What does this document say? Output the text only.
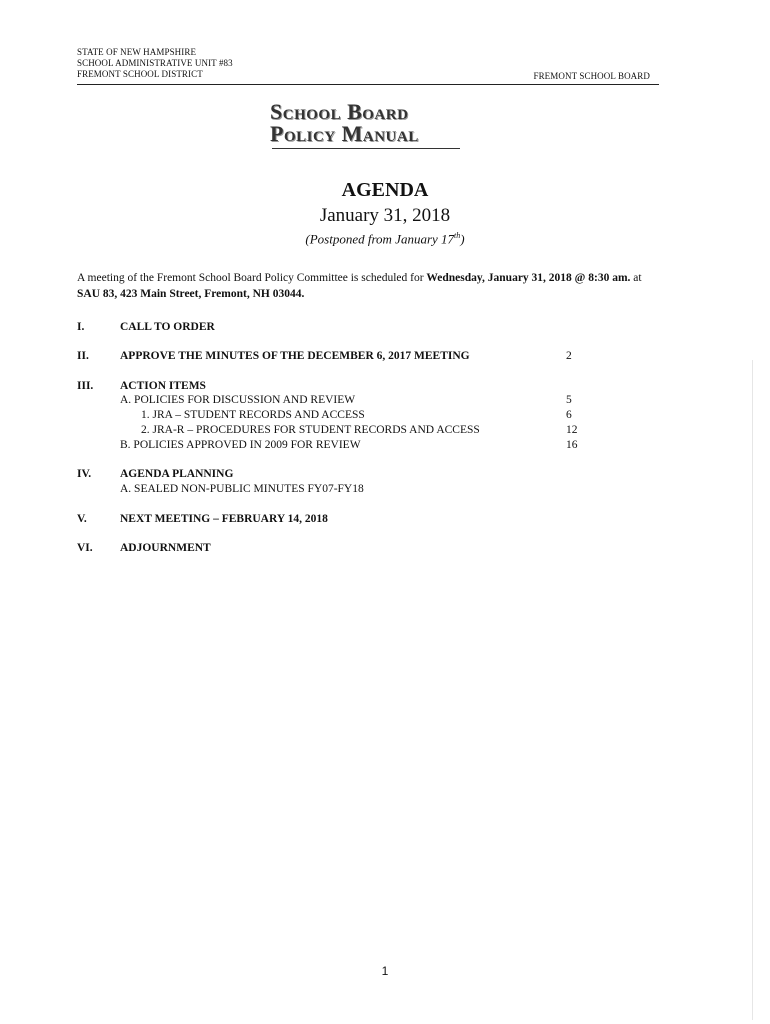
STATE OF NEW HAMPSHIRE
SCHOOL ADMINISTRATIVE UNIT #83
FREMONT SCHOOL DISTRICT	FREMONT SCHOOL BOARD
School Board
Policy Manual
AGENDA
January 31, 2018
(Postponed from January 17th)
A meeting of the Fremont School Board Policy Committee is scheduled for Wednesday, January 31, 2018 @ 8:30 am. at
SAU 83, 423 Main Street, Fremont, NH 03044.
I.	CALL TO ORDER
II.	APPROVE THE MINUTES OF THE DECEMBER 6, 2017 MEETING	2
III. ACTION ITEMS
A. POLICIES FOR DISCUSSION AND REVIEW	5
1. JRA – STUDENT RECORDS AND ACCESS	6
2. JRA-R – PROCEDURES FOR STUDENT RECORDS AND ACCESS	12
B. POLICIES APPROVED IN 2009 FOR REVIEW	16
IV.	AGENDA PLANNING
A. SEALED NON-PUBLIC MINUTES FY07-FY18
V.	NEXT MEETING – FEBRUARY 14, 2018
VI. ADJOURNMENT
1
